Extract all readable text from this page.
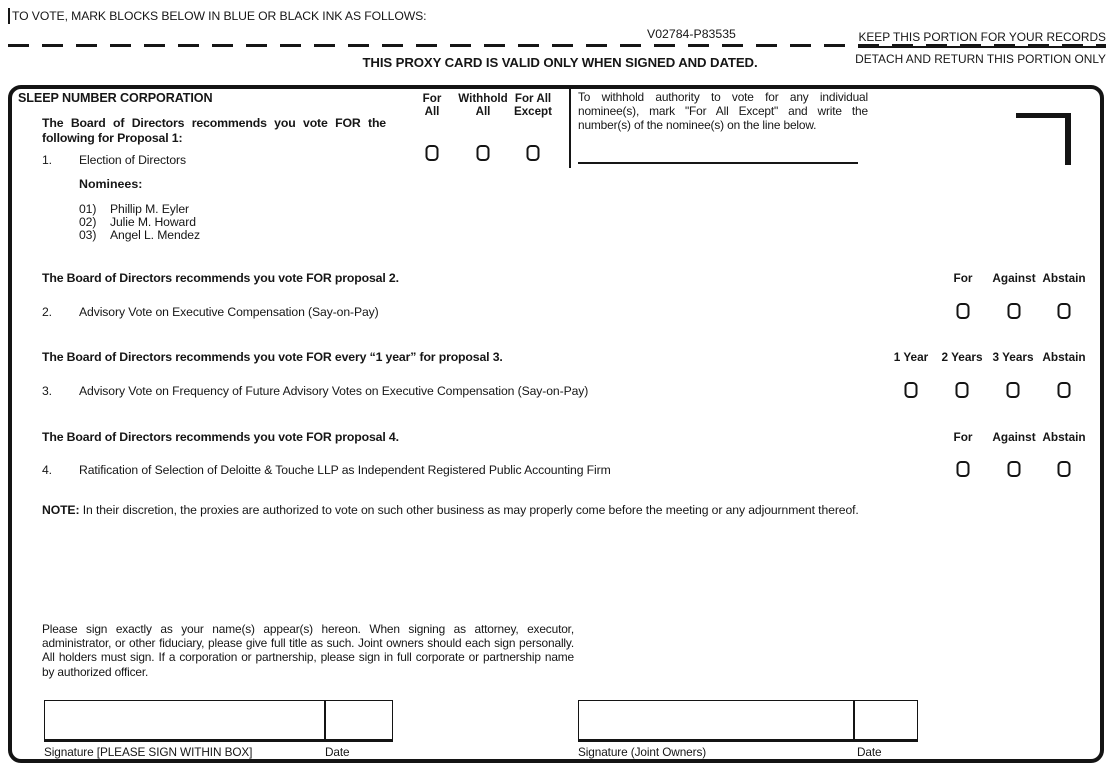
TO VOTE, MARK BLOCKS BELOW IN BLUE OR BLACK INK AS FOLLOWS:
V02784-P83535	KEEP THIS PORTION FOR YOUR RECORDS
THIS PROXY CARD IS VALID ONLY WHEN SIGNED AND DATED.	DETACH AND RETURN THIS PORTION ONLY
SLEEP NUMBER CORPORATION	For
All
Withhold
All
For All
Except
The Board of Directors recommends you vote FOR the following for Proposal 1:
1. Election of Directors
To withhold authority to vote for any individual nominee(s), mark "For All Except" and write the number(s) of the nominee(s) on the line below.
Nominees:
01) Phillip M. Eyler
02) Julie M. Howard
03) Angel L. Mendez
The Board of Directors recommends you vote FOR proposal 2.	For Against Abstain
2. Advisory Vote on Executive Compensation (Say-on-Pay)
The Board of Directors recommends you vote FOR every “1 year” for proposal 3.	1 Year 2 Years 3 Years Abstain
3. Advisory Vote on Frequency of Future Advisory Votes on Executive Compensation (Say-on-Pay)
The Board of Directors recommends you vote FOR proposal 4.	For Against Abstain
4. Ratification of Selection of Deloitte & Touche LLP as Independent Registered Public Accounting Firm
NOTE: In their discretion, the proxies are authorized to vote on such other business as may properly come before the meeting or any adjournment thereof.
Please sign exactly as your name(s) appear(s) hereon. When signing as attorney, executor, administrator, or other fiduciary, please give full title as such. Joint owners should each sign personally. All holders must sign. If a corporation or partnership, please sign in full corporate or partnership name by authorized officer.
Signature [PLEASE SIGN WITHIN BOX]	Date	Signature (Joint Owners)	Date
